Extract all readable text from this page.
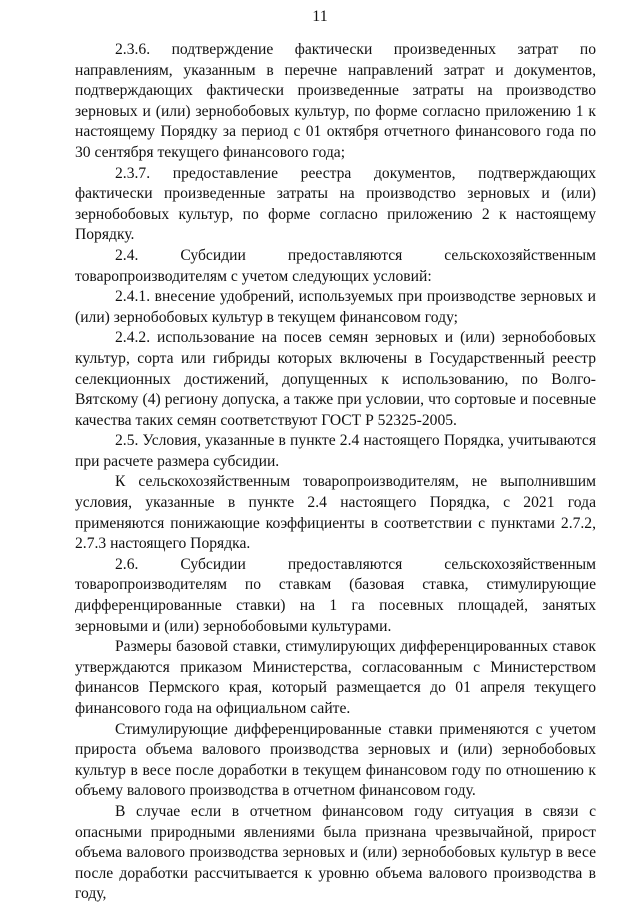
11

2.3.6. подтверждение фактически произведенных затрат по направлениям, указанным в перечне направлений затрат и документов, подтверждающих фактически произведенные затраты на производство зерновых и (или) зернобобовых культур, по форме согласно приложению 1 к настоящему Порядку за период с 01 октября отчетного финансового года по 30 сентября текущего финансового года;

2.3.7. предоставление реестра документов, подтверждающих фактически произведенные затраты на производство зерновых и (или) зернобобовых культур, по форме согласно приложению 2 к настоящему Порядку.

2.4. Субсидии предоставляются сельскохозяйственным товаропроизводителям с учетом следующих условий:

2.4.1. внесение удобрений, используемых при производстве зерновых и (или) зернобобовых культур в текущем финансовом году;

2.4.2. использование на посев семян зерновых и (или) зернобобовых культур, сорта или гибриды которых включены в Государственный реестр селекционных достижений, допущенных к использованию, по Волго-Вятскому (4) региону допуска, а также при условии, что сортовые и посевные качества таких семян соответствуют ГОСТ Р 52325-2005.

2.5. Условия, указанные в пункте 2.4 настоящего Порядка, учитываются при расчете размера субсидии.

К сельскохозяйственным товаропроизводителям, не выполнившим условия, указанные в пункте 2.4 настоящего Порядка, с 2021 года применяются понижающие коэффициенты в соответствии с пунктами 2.7.2, 2.7.3 настоящего Порядка.

2.6. Субсидии предоставляются сельскохозяйственным товаропроизводителям по ставкам (базовая ставка, стимулирующие дифференцированные ставки) на 1 га посевных площадей, занятых зерновыми и (или) зернобобовыми культурами.

Размеры базовой ставки, стимулирующих дифференцированных ставок утверждаются приказом Министерства, согласованным с Министерством финансов Пермского края, который размещается до 01 апреля текущего финансового года на официальном сайте.

Стимулирующие дифференцированные ставки применяются с учетом прироста объема валового производства зерновых и (или) зернобобовых культур в весе после доработки в текущем финансовом году по отношению к объему валового производства в отчетном финансовом году.

В случае если в отчетном финансовом году ситуация в связи с опасными природными явлениями была признана чрезвычайной, прирост объема валового производства зерновых и (или) зернобобовых культур в весе после доработки рассчитывается к уровню объема валового производства в году,
